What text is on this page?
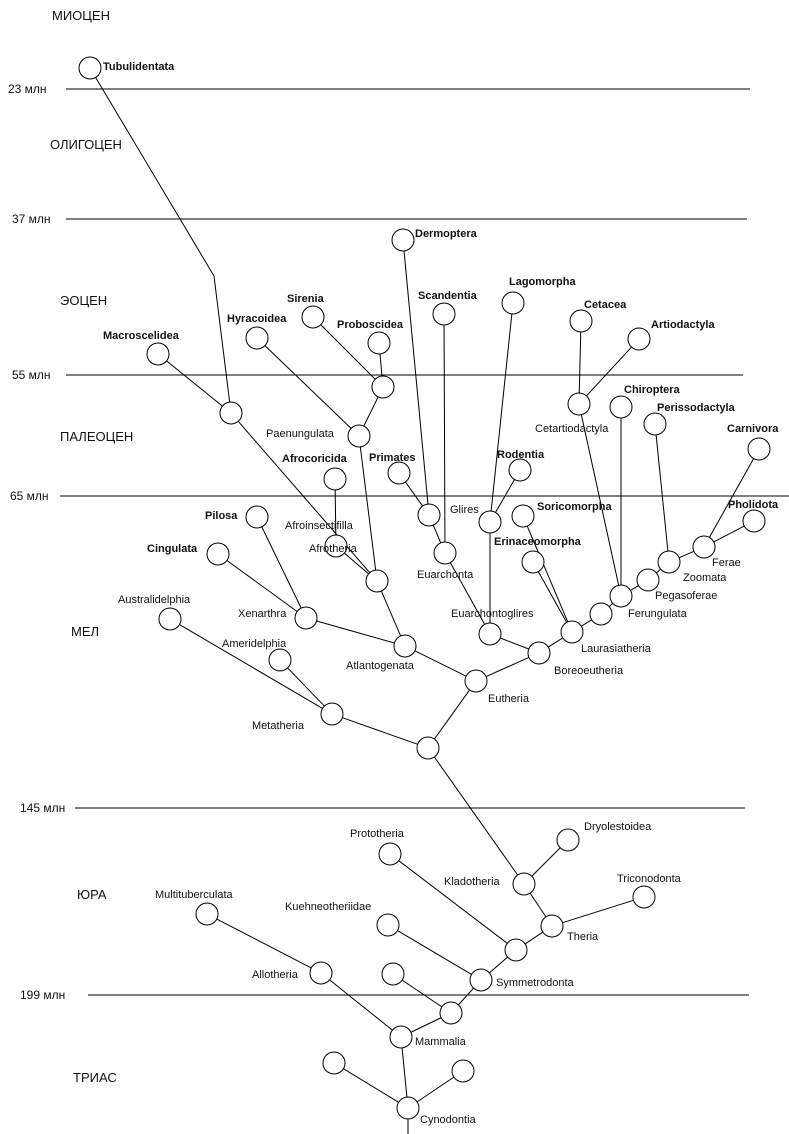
МИОЦЕН
ОЛИГОЦЕН
ЭОЦЕН
ПАЛЕОЦЕН
МЕЛ
ЮРА
ТРИАС
23 млн
37 млн
55 млн
65 млн
145 млн
199 млн
Tubulidentata
Dermoptera
Macroscelidea
Hyracoidea
Sirenia
Proboscidea
Scandentia
Lagomorpha
Cetacea
Artiodactyla
Chiroptera
Perissodactyla
Carnivora
Cetartiodactyla
Paenungulata
Afrocoricida Primates	Rodentia
Glires	Soricomorpha	Pholidota
Pilosa
Afroinsectifilla
Erinaceomorpha
Ferae
Cingulata	Afrotheria
Euarchonta	Zoomata
Pegasoferae
Australidelphia
Xenarthra	Euarchontoglires	Ferungulata
Ameridelphia	Laurasiatheria
Atlantogenata	Boreoeutheria
Eutheria
Metatheria
Dryolestoidea
Prototheria
Kladotheria	Triconodonta
Multituberculata
Kuehneotheriidae
Theria
Allotheria
Symmetrodonta
Mammalia
Cynodontia
